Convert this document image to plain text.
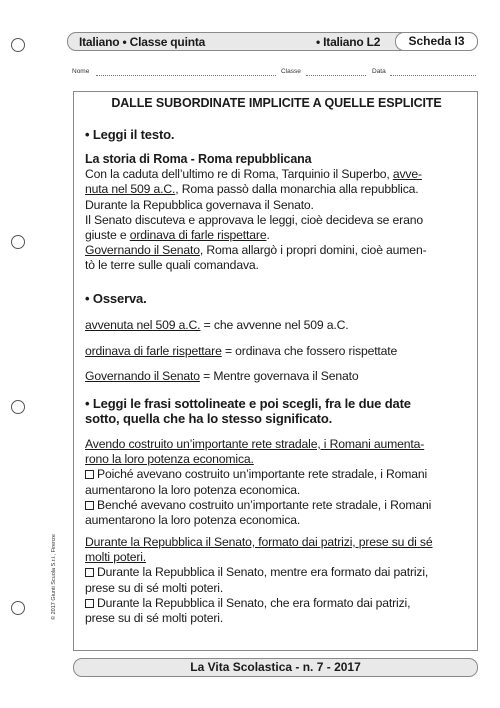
Italiano • Classe quinta	• Italiano L2	Scheda I3
Nome	Classe	Data
DALLE SUBORDINATE IMPLICITE A QUELLE ESPLICITE
• Leggi il testo.
La storia di Roma - Roma repubblicana
Con la caduta dell’ultimo re di Roma, Tarquinio il Superbo, avve-
nuta nel 509 a.C., Roma passò dalla monarchia alla repubblica.
Durante la Repubblica governava il Senato.
Il Senato discuteva e approvava le leggi, cioè decideva se erano
giuste e ordinava di farle rispettare.
Governando il Senato, Roma allargò i propri domini, cioè aumen-
tò le terre sulle quali comandava.
• Osserva.
avvenuta nel 509 a.C. = che avvenne nel 509 a.C.
ordinava di farle rispettare = ordinava che fossero rispettate
Governando il Senato = Mentre governava il Senato
• Leggi le frasi sottolineate e poi scegli, fra le due date
sotto, quella che ha lo stesso significato.
Avendo costruito un’importante rete stradale, i Romani aumenta-
rono la loro potenza economica.
Poiché avevano costruito un’importante rete stradale, i Romani
aumentarono la loro potenza economica.
Benché avevano costruito un’importante rete stradale, i Romani
aumentarono la loro potenza economica.
Durante la Repubblica il Senato, formato dai patrizi, prese su di sé
molti poteri.
Durante la Repubblica il Senato, mentre era formato dai patrizi,
prese su di sé molti poteri.
Durante la Repubblica il Senato, che era formato dai patrizi,
prese su di sé molti poteri.
© 2017 Giunti Scuola S.r.l., Firenze
La Vita Scolastica - n. 7 - 2017
